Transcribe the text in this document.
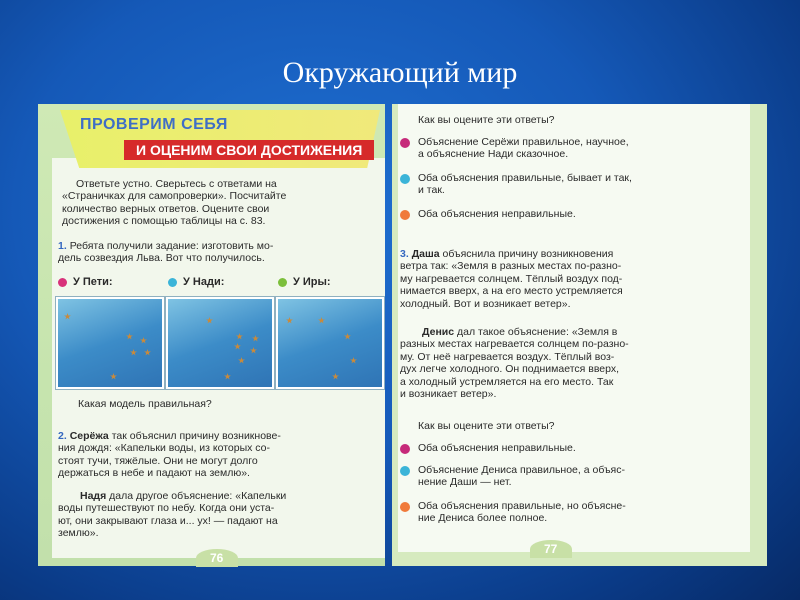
Окружающий мир
ПРОВЕРИМ СЕБЯ
И ОЦЕНИМ СВОИ ДОСТИЖЕНИЯ
Ответьте устно. Сверьтесь с ответами на
«Страничках для самопроверки». Посчитайте
количество верных ответов. Оцените свои
достижения с помощью таблицы на с. 83.
1. Ребята получили задание: изготовить мо-
дель созвездия Льва. Вот что получилось.
У Пети:	У Нади:	У Иры:
Какая модель правильная?
2. Серёжа так объяснил причину возникнове-
ния дождя: «Капельки воды, из которых со-
стоят тучи, тяжёлые. Они не могут долго
держаться в небе и падают на землю».
Надя дала другое объяснение: «Капельки
воды путешествуют по небу. Когда они уста-
ют, они закрывают глаза и... ух! — падают на
землю».
76
Как вы оцените эти ответы?
Объяснение Серёжи правильное, научное,
а объяснение Нади сказочное.
Оба объяснения правильные, бывает и так,
и так.
Оба объяснения неправильные.
3. Даша объяснила причину возникновения
ветра так: «Земля в разных местах по-разно-
му нагревается солнцем. Тёплый воздух под-
нимается вверх, а на его место устремляется
холодный. Вот и возникает ветер».
Денис дал такое объяснение: «Земля в
разных местах нагревается солнцем по-разно-
му. От неё нагревается воздух. Тёплый воз-
дух легче холодного. Он поднимается вверх,
а холодный устремляется на его место. Так
и возникает ветер».
Как вы оцените эти ответы?
Оба объяснения неправильные.
Объяснение Дениса правильное, а объяс-
нение Даши — нет.
Оба объяснения правильные, но объясне-
ние Дениса более полное.
77
